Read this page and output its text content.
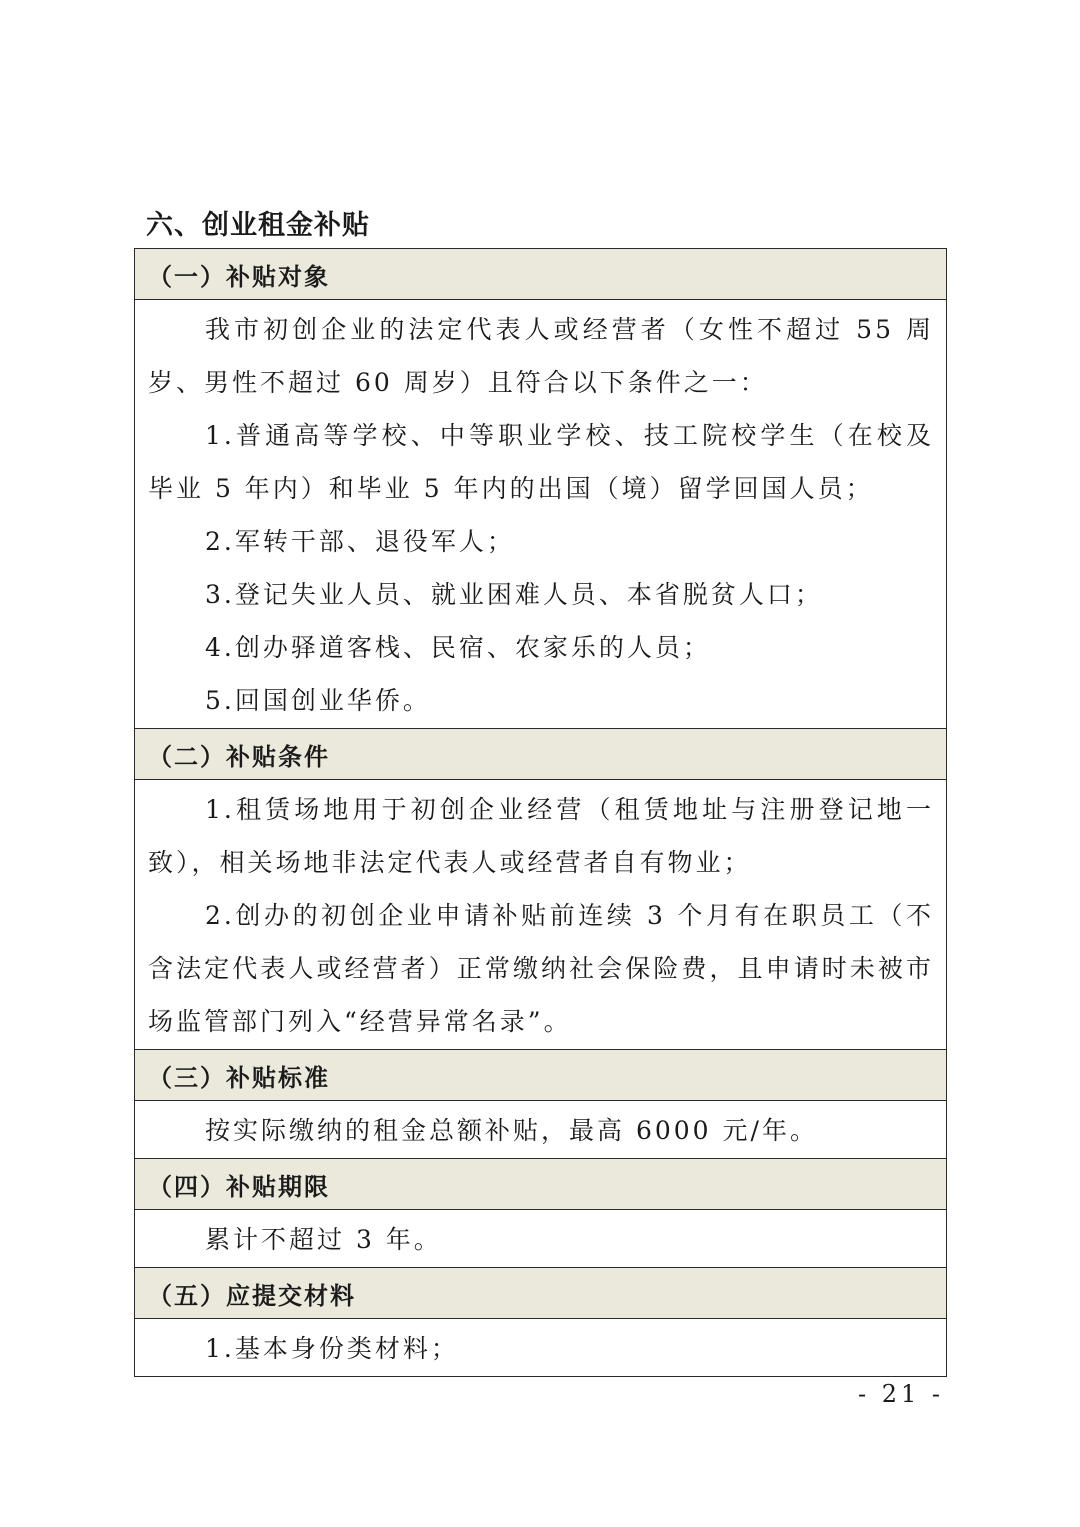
六、创业租金补贴
（一）补贴对象

我市初创企业的法定代表人或经营者（女性不超过 55 周岁、男性不超过 60 周岁）且符合以下条件之一：

1.普通高等学校、中等职业学校、技工院校学生（在校及毕业 5 年内）和毕业 5 年内的出国（境）留学回国人员；

2.军转干部、退役军人；

3.登记失业人员、就业困难人员、本省脱贫人口；

4.创办驿道客栈、民宿、农家乐的人员；

5.回国创业华侨。

（二）补贴条件

1.租赁场地用于初创企业经营（租赁地址与注册登记地一致），相关场地非法定代表人或经营者自有物业；

2.创办的初创企业申请补贴前连续 3 个月有在职员工（不含法定代表人或经营者）正常缴纳社会保险费，且申请时未被市场监管部门列入“经营异常名录”。

（三）补贴标准

按实际缴纳的租金总额补贴，最高 6000 元/年。

（四）补贴期限

累计不超过 3 年。

（五）应提交材料

1.基本身份类材料；

- 21 -
